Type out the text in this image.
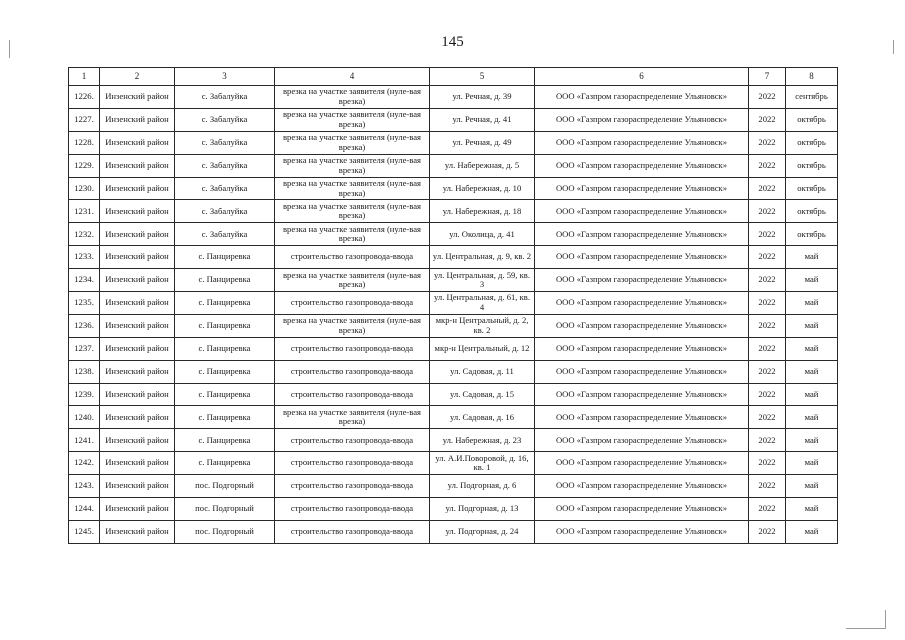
145
1	2	3	4	5	6	7	8
1226.	Инзенский район	с. Забалуйка	врезка на участке заявителя (нуле-вая врезка)	ул. Речная, д. 39	ООО «Газпром газораспределение Ульяновск»	2022	сентябрь
1227.	Инзенский район	с. Забалуйка	врезка на участке заявителя (нуле-вая врезка)	ул. Речная, д. 41	ООО «Газпром газораспределение Ульяновск»	2022	октябрь
1228.	Инзенский район	с. Забалуйка	врезка на участке заявителя (нуле-вая врезка)	ул. Речная, д. 49	ООО «Газпром газораспределение Ульяновск»	2022	октябрь
1229.	Инзенский район	с. Забалуйка	врезка на участке заявителя (нуле-вая врезка)	ул. Набережная, д. 5	ООО «Газпром газораспределение Ульяновск»	2022	октябрь
1230.	Инзенский район	с. Забалуйка	врезка на участке заявителя (нуле-вая врезка)	ул. Набережная, д. 10	ООО «Газпром газораспределение Ульяновск»	2022	октябрь
1231.	Инзенский район	с. Забалуйка	врезка на участке заявителя (нуле-вая врезка)	ул. Набережная, д. 18	ООО «Газпром газораспределение Ульяновск»	2022	октябрь
1232.	Инзенский район	с. Забалуйка	врезка на участке заявителя (нуле-вая врезка)	ул. Околица, д. 41	ООО «Газпром газораспределение Ульяновск»	2022	октябрь
1233.	Инзенский район	с. Панциревка	строительство газопровода-ввода	ул. Центральная, д. 9, кв. 2	ООО «Газпром газораспределение Ульяновск»	2022	май
1234.	Инзенский район	с. Панциревка	врезка на участке заявителя (нуле-вая врезка)	ул. Центральная, д. 59, кв. 3	ООО «Газпром газораспределение Ульяновск»	2022	май
1235.	Инзенский район	с. Панциревка	строительство газопровода-ввода	ул. Центральная, д. 61, кв. 4	ООО «Газпром газораспределение Ульяновск»	2022	май
1236.	Инзенский район	с. Панциревка	врезка на участке заявителя (нуле-вая врезка)	мкр-н Центральный, д. 2, кв. 2	ООО «Газпром газораспределение Ульяновск»	2022	май
1237.	Инзенский район	с. Панциревка	строительство газопровода-ввода	мкр-н Центральный, д. 12	ООО «Газпром газораспределение Ульяновск»	2022	май
1238.	Инзенский район	с. Панциревка	строительство газопровода-ввода	ул. Садовая, д. 11	ООО «Газпром газораспределение Ульяновск»	2022	май
1239.	Инзенский район	с. Панциревка	строительство газопровода-ввода	ул. Садовая, д. 15	ООО «Газпром газораспределение Ульяновск»	2022	май
1240.	Инзенский район	с. Панциревка	врезка на участке заявителя (нуле-вая врезка)	ул. Садовая, д. 16	ООО «Газпром газораспределение Ульяновск»	2022	май
1241.	Инзенский район	с. Панциревка	строительство газопровода-ввода	ул. Набережная, д. 23	ООО «Газпром газораспределение Ульяновск»	2022	май
1242.	Инзенский район	с. Панциревка	строительство газопровода-ввода	ул. А.И.Поворовой, д. 16, кв. 1	ООО «Газпром газораспределение Ульяновск»	2022	май
1243.	Инзенский район	пос. Подгорный	строительство газопровода-ввода	ул. Подгорная, д. 6	ООО «Газпром газораспределение Ульяновск»	2022	май
1244.	Инзенский район	пос. Подгорный	строительство газопровода-ввода	ул. Подгорная, д. 13	ООО «Газпром газораспределение Ульяновск»	2022	май
1245.	Инзенский район	пос. Подгорный	строительство газопровода-ввода	ул. Подгорная, д. 24	ООО «Газпром газораспределение Ульяновск»	2022	май
